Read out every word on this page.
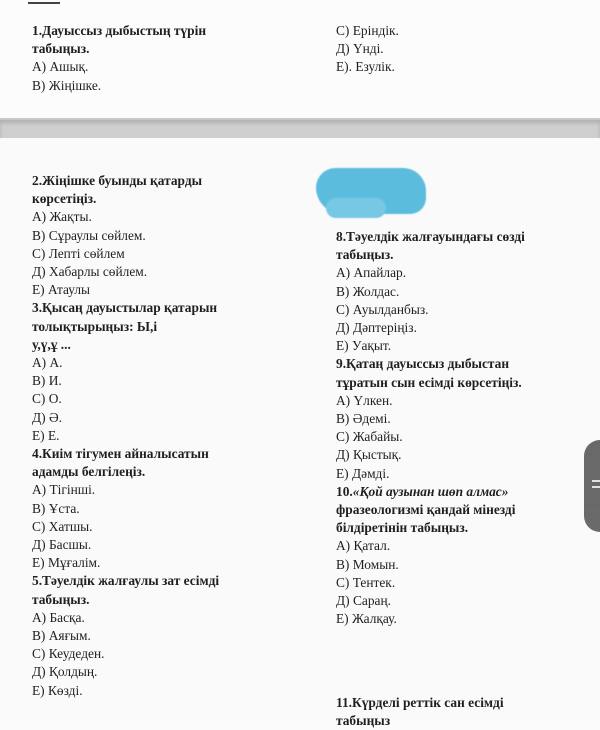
1.Дауыссыз дыбыстың түрін
табыңыз.
А) Ашық.
В) Жіңішке.
С) Еріндік.
Д) Үнді.
Е). Езулік.
2.Жіңішке буынды қатарды
көрсетіңіз.
А) Жақты.
В) Сұраулы сөйлем.
С) Лепті сөйлем
Д) Хабарлы сөйлем.
Е) Атаулы
3.Қысаң дауыстылар қатарын
толықтырыңыз: Ы,і
у,ү,ұ ...
А) А.
В) И.
С) О.
Д) Ә.
Е) Е.
4.Киім тігумен айналысатын
адамды белгілеңіз.
А) Тігінші.
В) Ұста.
С) Хатшы.
Д) Басшы.
Е) Мұғалім.
5.Тәуелдік жалғаулы зат есімді
табыңыз.
А) Басқа.
В) Аяғым.
С) Кеудеден.
Д) Қолдың.
Е) Көзді.
8.Тәуелдік жалғауындағы сөзді
табыңыз.
А) Апайлар.
В) Жолдас.
С) Ауылданбыз.
Д) Дәптеріңіз.
Е) Уақыт.
9.Қатаң дауыссыз дыбыстан
тұратын сын есімді көрсетіңіз.
А) Үлкен.
В) Әдемі.
С) Жабайы.
Д) Қыстық.
Е) Дәмді.
10.«Қой аузынан шөп алмас»
фразеологизмі қандай мінезді
білдіретінін табыңыз.
А) Қатал.
В) Момын.
С) Тентек.
Д) Сараң.
Е) Жалқау.
11.Күрделі реттік сан есімді
табыңыз
